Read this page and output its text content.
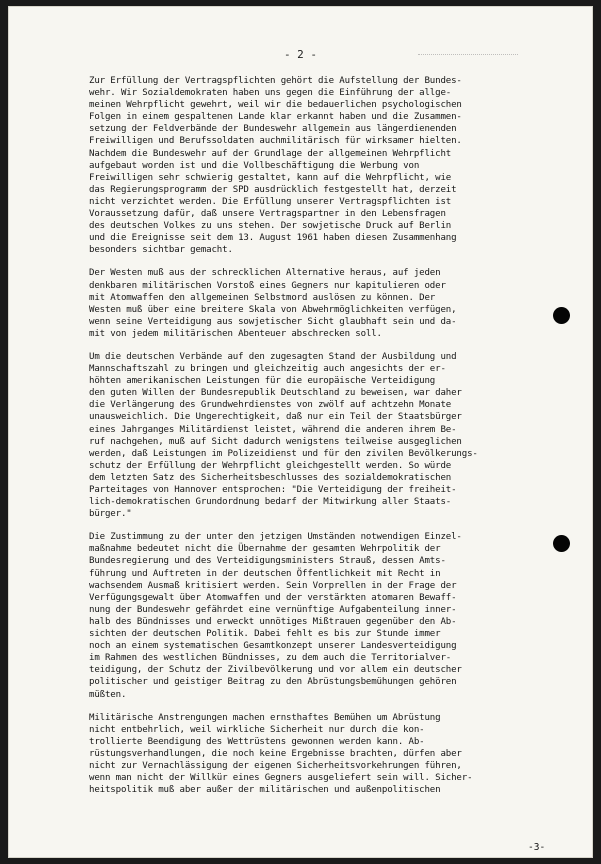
- 2 -
Zur Erfüllung der Vertragspflichten gehört die Aufstellung der Bundes-
wehr. Wir Sozialdemokraten haben uns gegen die Einführung der allge-
meinen Wehrpflicht gewehrt, weil wir die bedauerlichen psychologischen
Folgen in einem gespaltenen Lande klar erkannt haben und die Zusammen-
setzung der Feldverbände der Bundeswehr allgemein aus längerdienenden
Freiwilligen und Berufssoldaten auchmilitärisch für wirksamer hielten.
Nachdem die Bundeswehr auf der Grundlage der allgemeinen Wehrpflicht
aufgebaut worden ist und die Vollbeschäftigung die Werbung von
Freiwilligen sehr schwierig gestaltet, kann auf die Wehrpflicht, wie
das Regierungsprogramm der SPD ausdrücklich festgestellt hat, derzeit
nicht verzichtet werden. Die Erfüllung unserer Vertragspflichten ist
Voraussetzung dafür, daß unsere Vertragspartner in den Lebensfragen
des deutschen Volkes zu uns stehen. Der sowjetische Druck auf Berlin
und die Ereignisse seit dem 13. August 1961 haben diesen Zusammenhang
besonders sichtbar gemacht.
Der Westen muß aus der schrecklichen Alternative heraus, auf jeden
denkbaren militärischen Vorstoß eines Gegners nur kapitulieren oder
mit Atomwaffen den allgemeinen Selbstmord auslösen zu können. Der
Westen muß über eine breitere Skala von Abwehrmöglichkeiten verfügen,
wenn seine Verteidigung aus sowjetischer Sicht glaubhaft sein und da-
mit von jedem militärischen Abenteuer abschrecken soll.
Um die deutschen Verbände auf den zugesagten Stand der Ausbildung und
Mannschaftszahl zu bringen und gleichzeitig auch angesichts der er-
höhten amerikanischen Leistungen für die europäische Verteidigung
den guten Willen der Bundesrepublik Deutschland zu beweisen, war daher
die Verlängerung des Grundwehrdienstes von zwölf auf achtzehn Monate
unausweichlich. Die Ungerechtigkeit, daß nur ein Teil der Staatsbürger
eines Jahrganges Militärdienst leistet, während die anderen ihrem Be-
ruf nachgehen, muß auf Sicht dadurch wenigstens teilweise ausgeglichen
werden, daß Leistungen im Polizeidienst und für den zivilen Bevölkerungs-
schutz der Erfüllung der Wehrpflicht gleichgestellt werden. So würde
dem letzten Satz des Sicherheitsbeschlusses des sozialdemokratischen
Parteitages von Hannover entsprochen: "Die Verteidigung der freiheit-
lich-demokratischen Grundordnung bedarf der Mitwirkung aller Staats-
bürger."
Die Zustimmung zu der unter den jetzigen Umständen notwendigen Einzel-
maßnahme bedeutet nicht die Übernahme der gesamten Wehrpolitik der
Bundesregierung und des Verteidigungsministers Strauß, dessen Amts-
führung und Auftreten in der deutschen Öffentlichkeit mit Recht in
wachsendem Ausmaß kritisiert werden. Sein Vorprellen in der Frage der
Verfügungsgewalt über Atomwaffen und der verstärkten atomaren Bewaff-
nung der Bundeswehr gefährdet eine vernünftige Aufgabenteilung inner-
halb des Bündnisses und erweckt unnötiges Mißtrauen gegenüber den Ab-
sichten der deutschen Politik. Dabei fehlt es bis zur Stunde immer
noch an einem systematischen Gesamtkonzept unserer Landesverteidigung
im Rahmen des westlichen Bündnisses, zu dem auch die Territorialver-
teidigung, der Schutz der Zivilbevölkerung und vor allem ein deutscher
politischer und geistiger Beitrag zu den Abrüstungsbemühungen gehören
müßten.
Militärische Anstrengungen machen ernsthaftes Bemühen um Abrüstung
nicht entbehrlich, weil wirkliche Sicherheit nur durch die kon-
trollierte Beendigung des Wettrüstens gewonnen werden kann. Ab-
rüstungsverhandlungen, die noch keine Ergebnisse brachten, dürfen aber
nicht zur Vernachlässigung der eigenen Sicherheitsvorkehrungen führen,
wenn man nicht der Willkür eines Gegners ausgeliefert sein will. Sicher-
heitspolitik muß aber außer der militärischen und außenpolitischen
-3-
